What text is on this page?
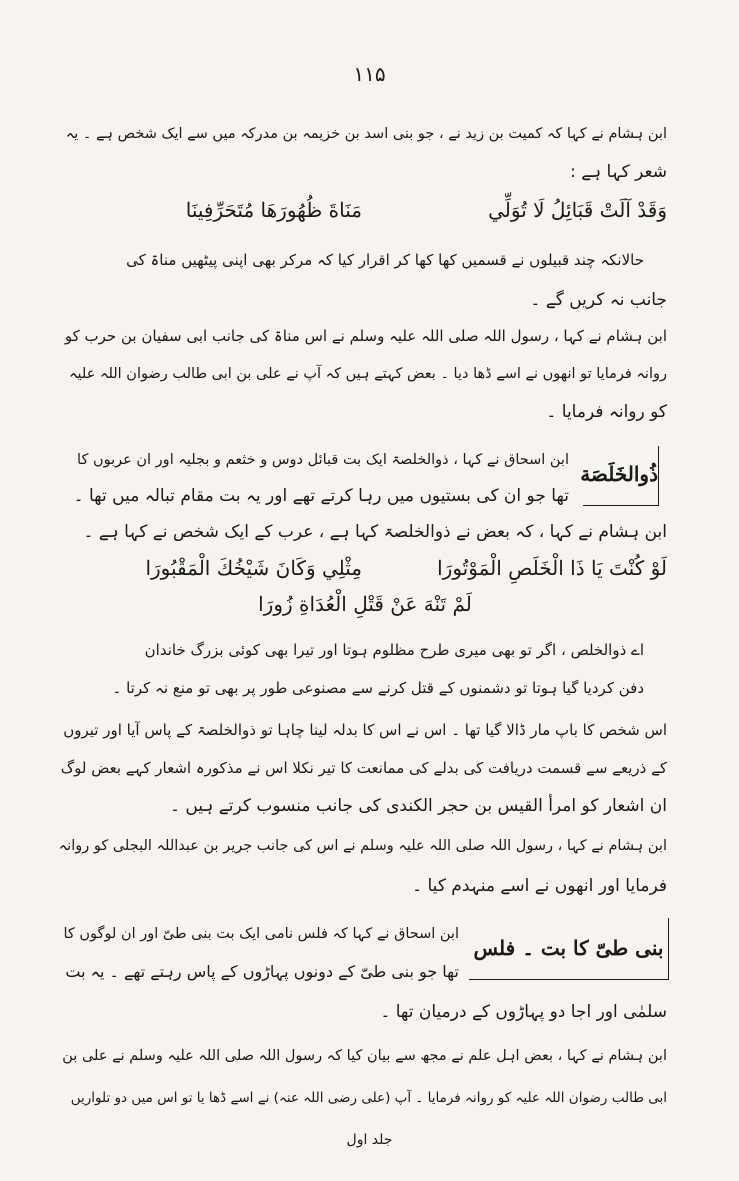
۱۱۵
ابن ہشام نے کہا کہ کمیت بن زید نے ، جو بنی اسد بن خزیمہ بن مدرکہ میں سے ایک شخص ہے ۔ یہ
شعر کہا ہے :
وَقَدْ آلَتْ قَبَائِلُ لَا تُوَلِّي
مَنَاةَ ظُهُورَهَا مُتَحَرِّفِينَا
حالانکہ چند قبیلوں نے قسمیں کھا کھا کر اقرار کیا کہ مرکر بھی اپنی پیٹھیں مناۃ کی
جانب نہ کریں گے ۔
ابن ہشام نے کہا ، رسول اللہ صلی اللہ علیہ وسلم نے اس مناۃ کی جانب ابی سفیان بن حرب کو
روانہ فرمایا تو انھوں نے اسے ڈھا دیا ۔ بعض کہتے ہیں کہ آپ نے علی بن ابی طالب رضوان اللہ علیہ
کو روانہ فرمایا ۔
ذُوالخَلَصَة
ابن اسحاق نے کہا ، ذوالخلصۃ ایک بت قبائل دوس و خثعم و بجلیہ اور ان عربوں کا
تھا جو ان کی بستیوں میں رہا کرتے تھے اور یہ بت مقام تبالہ میں تھا ۔
ابن ہشام نے کہا ، کہ بعض نے ذوالخلصۃ کہا ہے ، عرب کے ایک شخص نے کہا ہے ۔
لَوْ كُنْتَ يَا ذَا الْخَلَصِ الْمَوْتُورَا
مِثْلِي وَكَانَ شَيْخُكَ الْمَقْبُورَا
لَمْ تَنْهَ عَنْ قَتْلِ الْعُدَاةِ زُورَا
اے ذوالخلص ، اگر تو بھی میری طرح مظلوم ہوتا اور تیرا بھی کوئی بزرگ خاندان
دفن کردیا گیا ہوتا تو دشمنوں کے قتل کرنے سے مصنوعی طور پر بھی تو منع نہ کرتا ۔
اس شخص کا باپ مار ڈالا گیا تھا ۔ اس نے اس کا بدلہ لینا چاہا تو ذوالخلصۃ کے پاس آیا اور تیروں
کے ذریعے سے قسمت دریافت کی بدلے کی ممانعت کا تیر نکلا اس نے مذکورہ اشعار کہے بعض لوگ
ان اشعار کو امرأ القیس بن حجر الکندی کی جانب منسوب کرتے ہیں ۔
ابن ہشام نے کہا ، رسول اللہ صلی اللہ علیہ وسلم نے اس کی جانب جریر بن عبداللہ البجلی کو روانہ
فرمایا اور انھوں نے اسے منہدم کیا ۔
بنی طیّ کا بت ۔ فلس
ابن اسحاق نے کہا کہ فلس نامی ایک بت بنی طیّ اور ان لوگوں کا
تھا جو بنی طیّ کے دونوں پہاڑوں کے پاس رہتے تھے ۔ یہ بت
سلمٰی اور اجا دو پہاڑوں کے درمیان تھا ۔
ابن ہشام نے کہا ، بعض اہل علم نے مجھ سے بیان کیا کہ رسول اللہ صلی اللہ علیہ وسلم نے علی بن
ابی طالب رضوان اللہ علیہ کو روانہ فرمایا ۔ آپ (علی رضی اللہ عنہ) نے اسے ڈھا یا تو اس میں دو تلواریں
جلد اول
